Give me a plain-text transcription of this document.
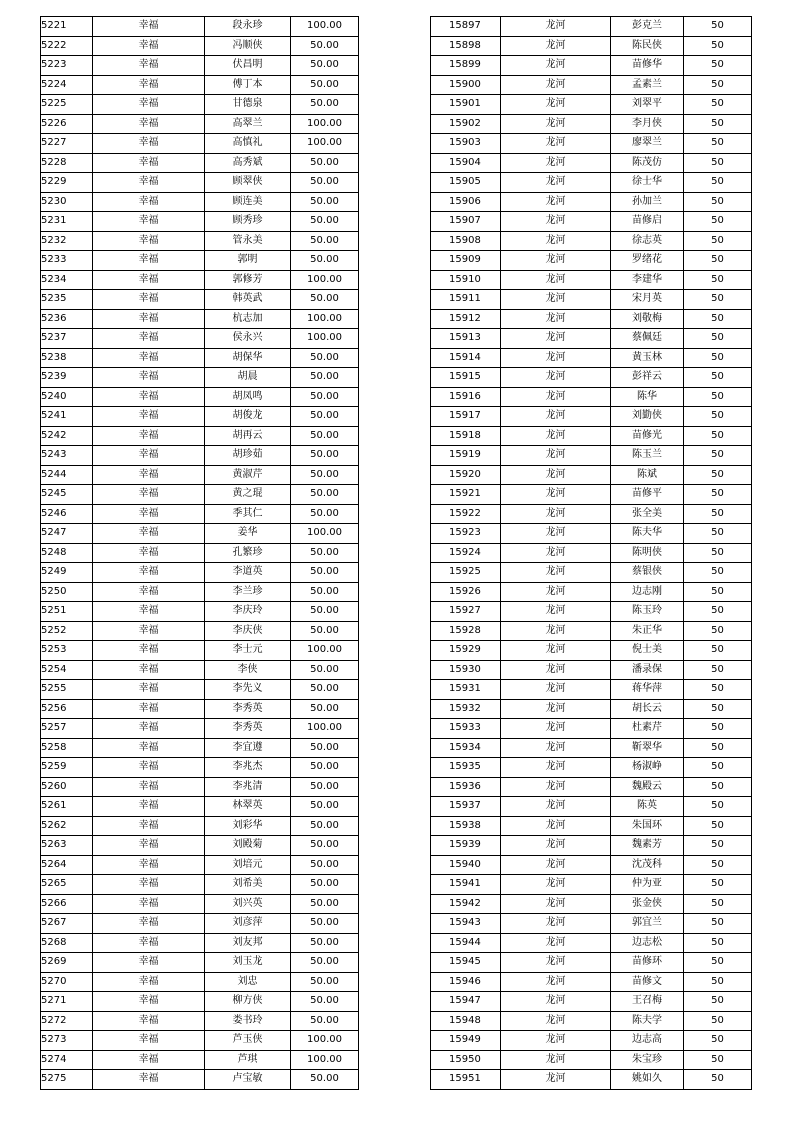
5221	幸福	段永珍	100.00
5222	幸福	冯顺侠	50.00
5223	幸福	伏昌明	50.00
5224	幸福	傅丁本	50.00
5225	幸福	甘德泉	50.00
5226	幸福	高翠兰	100.00
5227	幸福	高慎礼	100.00
5228	幸福	高秀斌	50.00
5229	幸福	顾翠侠	50.00
5230	幸福	顾连美	50.00
5231	幸福	顾秀珍	50.00
5232	幸福	管永美	50.00
5233	幸福	郭明	50.00
5234	幸福	郭修芳	100.00
5235	幸福	韩英武	50.00
5236	幸福	杭志加	100.00
5237	幸福	侯永兴	100.00
5238	幸福	胡保华	50.00
5239	幸福	胡晨	50.00
5240	幸福	胡凤鸣	50.00
5241	幸福	胡俊龙	50.00
5242	幸福	胡再云	50.00
5243	幸福	胡珍茹	50.00
5244	幸福	黄淑芹	50.00
5245	幸福	黄之琨	50.00
5246	幸福	季其仁	50.00
5247	幸福	姜华	100.00
5248	幸福	孔繁珍	50.00
5249	幸福	李道英	50.00
5250	幸福	李兰珍	50.00
5251	幸福	李庆玲	50.00
5252	幸福	李庆侠	50.00
5253	幸福	李士元	100.00
5254	幸福	李侠	50.00
5255	幸福	李先义	50.00
5256	幸福	李秀英	50.00
5257	幸福	李秀英	100.00
5258	幸福	李宜遵	50.00
5259	幸福	李兆杰	50.00
5260	幸福	李兆清	50.00
5261	幸福	林翠英	50.00
5262	幸福	刘彩华	50.00
5263	幸福	刘殿菊	50.00
5264	幸福	刘培元	50.00
5265	幸福	刘希美	50.00
5266	幸福	刘兴英	50.00
5267	幸福	刘彦萍	50.00
5268	幸福	刘友邦	50.00
5269	幸福	刘玉龙	50.00
5270	幸福	刘忠	50.00
5271	幸福	柳方侠	50.00
5272	幸福	娄书玲	50.00
5273	幸福	芦玉侠	100.00
5274	幸福	芦琪	100.00
5275	幸福	卢宝敏	50.00
15897	龙河	彭克兰	50
15898	龙河	陈民侠	50
15899	龙河	苗修华	50
15900	龙河	孟素兰	50
15901	龙河	刘翠平	50
15902	龙河	李月侠	50
15903	龙河	廖翠兰	50
15904	龙河	陈茂仿	50
15905	龙河	徐士华	50
15906	龙河	孙加兰	50
15907	龙河	苗修启	50
15908	龙河	徐志英	50
15909	龙河	罗绪花	50
15910	龙河	李建华	50
15911	龙河	宋月英	50
15912	龙河	刘敬梅	50
15913	龙河	蔡佩廷	50
15914	龙河	黄玉林	50
15915	龙河	彭祥云	50
15916	龙河	陈华	50
15917	龙河	刘勤侠	50
15918	龙河	苗修光	50
15919	龙河	陈玉兰	50
15920	龙河	陈斌	50
15921	龙河	苗修平	50
15922	龙河	张全美	50
15923	龙河	陈夫华	50
15924	龙河	陈明侠	50
15925	龙河	蔡银侠	50
15926	龙河	边志刚	50
15927	龙河	陈玉玲	50
15928	龙河	朱正华	50
15929	龙河	倪士美	50
15930	龙河	潘录保	50
15931	龙河	蒋华萍	50
15932	龙河	胡长云	50
15933	龙河	杜素芹	50
15934	龙河	靳翠华	50
15935	龙河	杨淑峥	50
15936	龙河	魏殿云	50
15937	龙河	陈英	50
15938	龙河	朱国环	50
15939	龙河	魏素芳	50
15940	龙河	沈茂科	50
15941	龙河	仲为亚	50
15942	龙河	张金侠	50
15943	龙河	郭宜兰	50
15944	龙河	边志松	50
15945	龙河	苗修环	50
15946	龙河	苗修文	50
15947	龙河	王召梅	50
15948	龙河	陈夫学	50
15949	龙河	边志高	50
15950	龙河	朱宝珍	50
15951	龙河	姚如久	50
